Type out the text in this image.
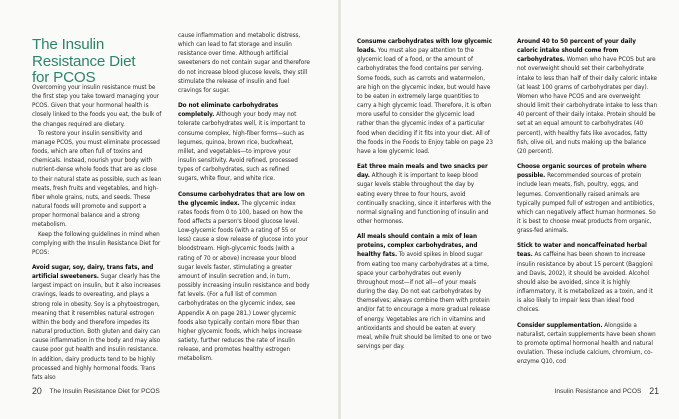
The Insulin
Resistance Diet
for PCOS

Overcoming your insulin resistance must be the first step you take toward managing your PCOS. Given that your hormonal health is closely linked to the foods you eat, the bulk of the changes required are dietary.

To restore your insulin sensitivity and manage PCOS, you must eliminate processed foods, which are often full of toxins and chemicals. Instead, nourish your body with nutrient-dense whole foods that are as close to their natural state as possible, such as lean meats, fresh fruits and vegetables, and high-fiber whole grains, nuts, and seeds. These natural foods will promote and support a proper hormonal balance and a strong metabolism.

Keep the following guidelines in mind when complying with the Insulin Resistance Diet for PCOS:

Avoid sugar, soy, dairy, trans fats, and artificial sweeteners. Sugar clearly has the largest impact on insulin, but it also increases cravings, leads to overeating, and plays a strong role in obesity. Soy is a phytoestrogen, meaning that it resembles natural estrogen within the body and therefore impedes its natural production. Both gluten and dairy can cause inflammation in the body and may also cause poor gut health and insulin resistance. In addition, dairy products tend to be highly processed and highly hormonal foods. Trans fats also

cause inflammation and metabolic distress, which can lead to fat storage and insulin resistance over time. Although artificial sweeteners do not contain sugar and therefore do not increase blood glucose levels, they still stimulate the release of insulin and fuel cravings for sugar.

Do not eliminate carbohydrates completely. Although your body may not tolerate carbohydrates well, it is important to consume complex, high-fiber forms—such as legumes, quinoa, brown rice, buckwheat, millet, and vegetables—to improve your insulin sensitivity. Avoid refined, processed types of carbohydrates, such as refined sugars, white flour, and white rice.

Consume carbohydrates that are low on the glycemic index. The glycemic index rates foods from 0 to 100, based on how the food affects a person's blood glucose level. Low-glycemic foods (with a rating of 55 or less) cause a slow release of glucose into your bloodstream. High-glycemic foods (with a rating of 70 or above) increase your blood sugar levels faster, stimulating a greater amount of insulin secretion and, in turn, possibly increasing insulin resistance and body fat levels. (For a full list of common carbohydrates on the glycemic index, see Appendix A on page 281.) Lower glycemic foods also typically contain more fiber than higher glycemic foods, which helps increase satiety, further reduces the rate of insulin release, and promotes healthy estrogen metabolism.

20 The Insulin Resistance Diet for PCOS

Consume carbohydrates with low glycemic loads. You must also pay attention to the glycemic load of a food, or the amount of carbohydrates the food contains per serving. Some foods, such as carrots and watermelon, are high on the glycemic index, but would have to be eaten in extremely large quantities to carry a high glycemic load. Therefore, it is often more useful to consider the glycemic load rather than the glycemic index of a particular food when deciding if it fits into your diet. All of the foods in the Foods to Enjoy table on page 23 have a low glycemic load.

Eat three main meals and two snacks per day. Although it is important to keep blood sugar levels stable throughout the day by eating every three to four hours, avoid continually snacking, since it interferes with the normal signaling and functioning of insulin and other hormones.

All meals should contain a mix of lean proteins, complex carbohydrates, and healthy fats. To avoid spikes in blood sugar from eating too many carbohydrates at a time, space your carbohydrates out evenly throughout most—if not all—of your meals during the day. Do not eat carbohydrates by themselves; always combine them with protein and/or fat to encourage a more gradual release of energy. Vegetables are rich in vitamins and antioxidants and should be eaten at every meal, while fruit should be limited to one or two servings per day.

Around 40 to 50 percent of your daily caloric intake should come from carbohydrates. Women who have PCOS but are not overweight should set their carbohydrate intake to less than half of their daily caloric intake (at least 100 grams of carbohydrates per day). Women who have PCOS and are overweight should limit their carbohydrate intake to less than 40 percent of their daily intake. Protein should be set at an equal amount to carbohydrates (40 percent), with healthy fats like avocados, fatty fish, olive oil, and nuts making up the balance (20 percent).

Choose organic sources of protein where possible. Recommended sources of protein include lean meats, fish, poultry, eggs, and legumes. Conventionally raised animals are typically pumped full of estrogen and antibiotics, which can negatively affect human hormones. So it is best to choose meat products from organic, grass-fed animals.

Stick to water and noncaffeinated herbal teas. As caffeine has been shown to increase insulin resistance by about 15 percent (Baggioni and Davis, 2002), it should be avoided. Alcohol should also be avoided, since it is highly inflammatory, it is metabolized as a toxin, and it is also likely to impair less than ideal food choices.

Consider supplementation. Alongside a naturalist, certain supplements have been shown to promote optimal hormonal health and natural ovulation. These include calcium, chromium, co-enzyme Q10, cod

Insulin Resistance and PCOS 21
